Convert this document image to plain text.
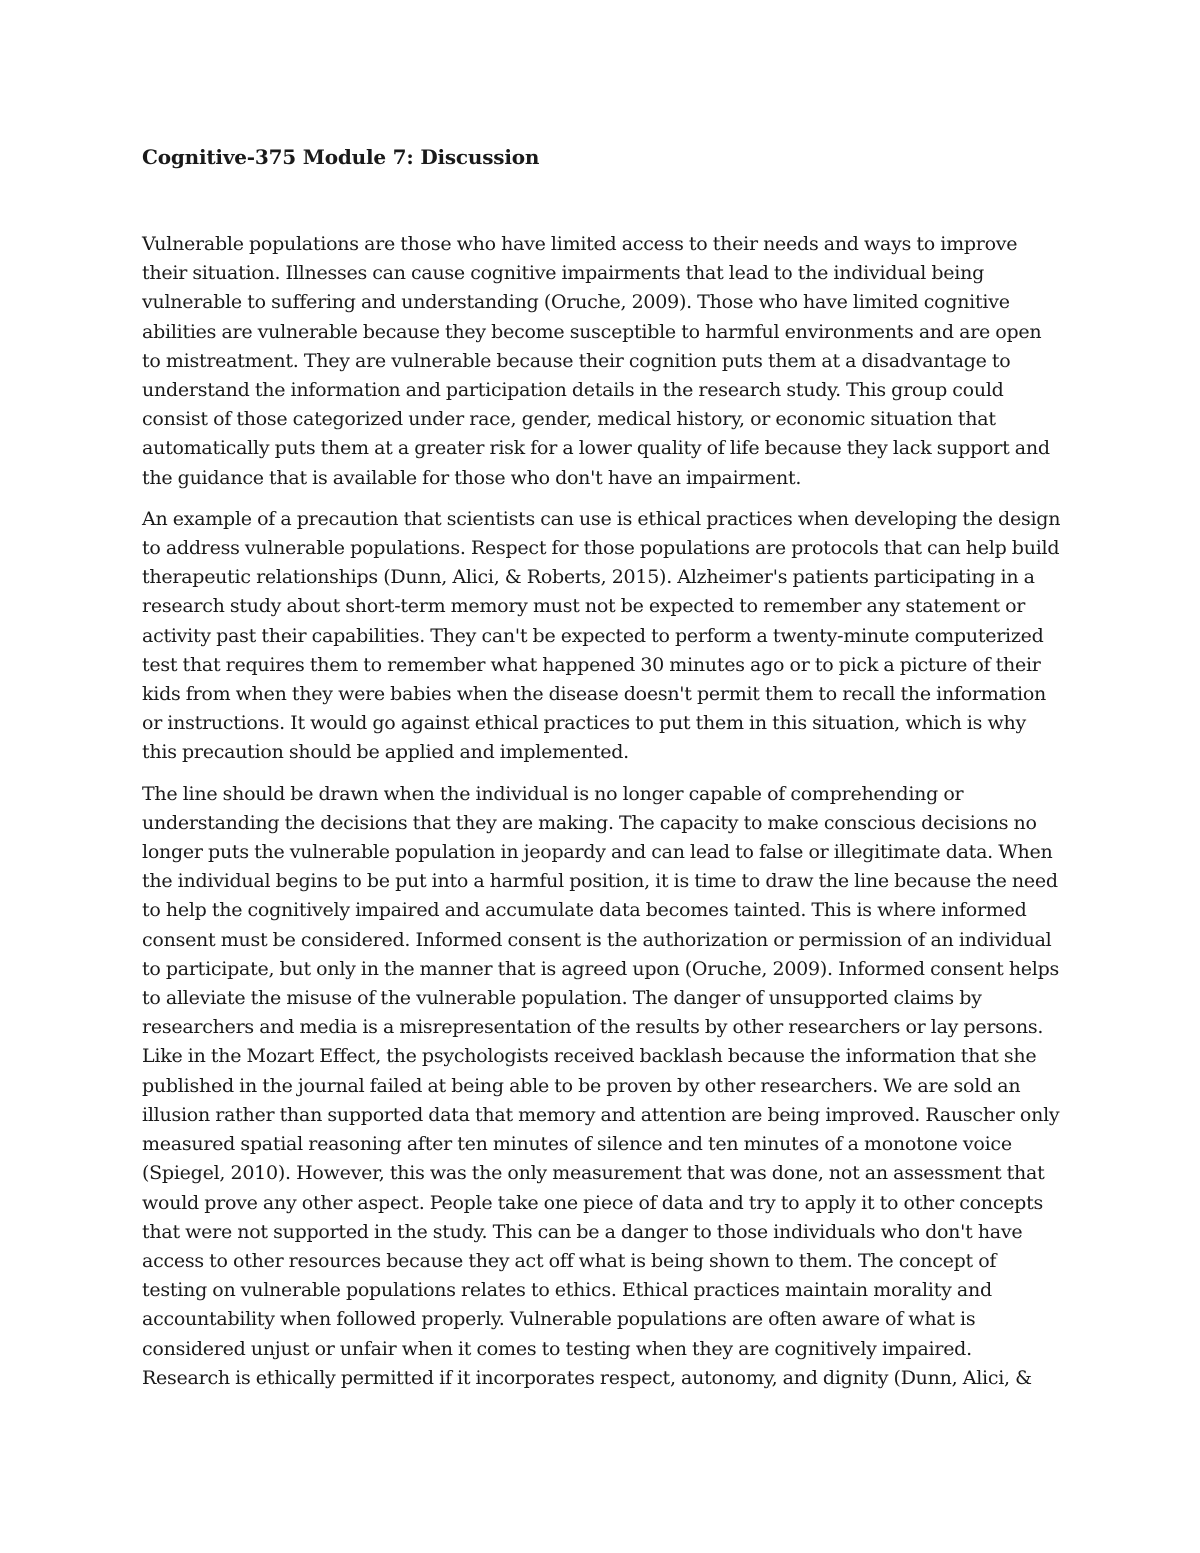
Cognitive-375 Module 7: Discussion

Vulnerable populations are those who have limited access to their needs and ways to improve their situation. Illnesses can cause cognitive impairments that lead to the individual being vulnerable to suffering and understanding (Oruche, 2009). Those who have limited cognitive abilities are vulnerable because they become susceptible to harmful environments and are open to mistreatment. They are vulnerable because their cognition puts them at a disadvantage to understand the information and participation details in the research study. This group could consist of those categorized under race, gender, medical history, or economic situation that automatically puts them at a greater risk for a lower quality of life because they lack support and the guidance that is available for those who don't have an impairment.

An example of a precaution that scientists can use is ethical practices when developing the design to address vulnerable populations. Respect for those populations are protocols that can help build therapeutic relationships (Dunn, Alici, & Roberts, 2015). Alzheimer's patients participating in a research study about short-term memory must not be expected to remember any statement or activity past their capabilities. They can't be expected to perform a twenty-minute computerized test that requires them to remember what happened 30 minutes ago or to pick a picture of their kids from when they were babies when the disease doesn't permit them to recall the information or instructions. It would go against ethical practices to put them in this situation, which is why this precaution should be applied and implemented.

The line should be drawn when the individual is no longer capable of comprehending or understanding the decisions that they are making. The capacity to make conscious decisions no longer puts the vulnerable population in jeopardy and can lead to false or illegitimate data. When the individual begins to be put into a harmful position, it is time to draw the line because the need to help the cognitively impaired and accumulate data becomes tainted. This is where informed consent must be considered. Informed consent is the authorization or permission of an individual to participate, but only in the manner that is agreed upon (Oruche, 2009). Informed consent helps to alleviate the misuse of the vulnerable population. The danger of unsupported claims by researchers and media is a misrepresentation of the results by other researchers or lay persons. Like in the Mozart Effect, the psychologists received backlash because the information that she published in the journal failed at being able to be proven by other researchers. We are sold an illusion rather than supported data that memory and attention are being improved. Rauscher only measured spatial reasoning after ten minutes of silence and ten minutes of a monotone voice (Spiegel, 2010). However, this was the only measurement that was done, not an assessment that would prove any other aspect. People take one piece of data and try to apply it to other concepts that were not supported in the study. This can be a danger to those individuals who don't have access to other resources because they act off what is being shown to them. The concept of testing on vulnerable populations relates to ethics. Ethical practices maintain morality and accountability when followed properly. Vulnerable populations are often aware of what is considered unjust or unfair when it comes to testing when they are cognitively impaired. Research is ethically permitted if it incorporates respect, autonomy, and dignity (Dunn, Alici, &
